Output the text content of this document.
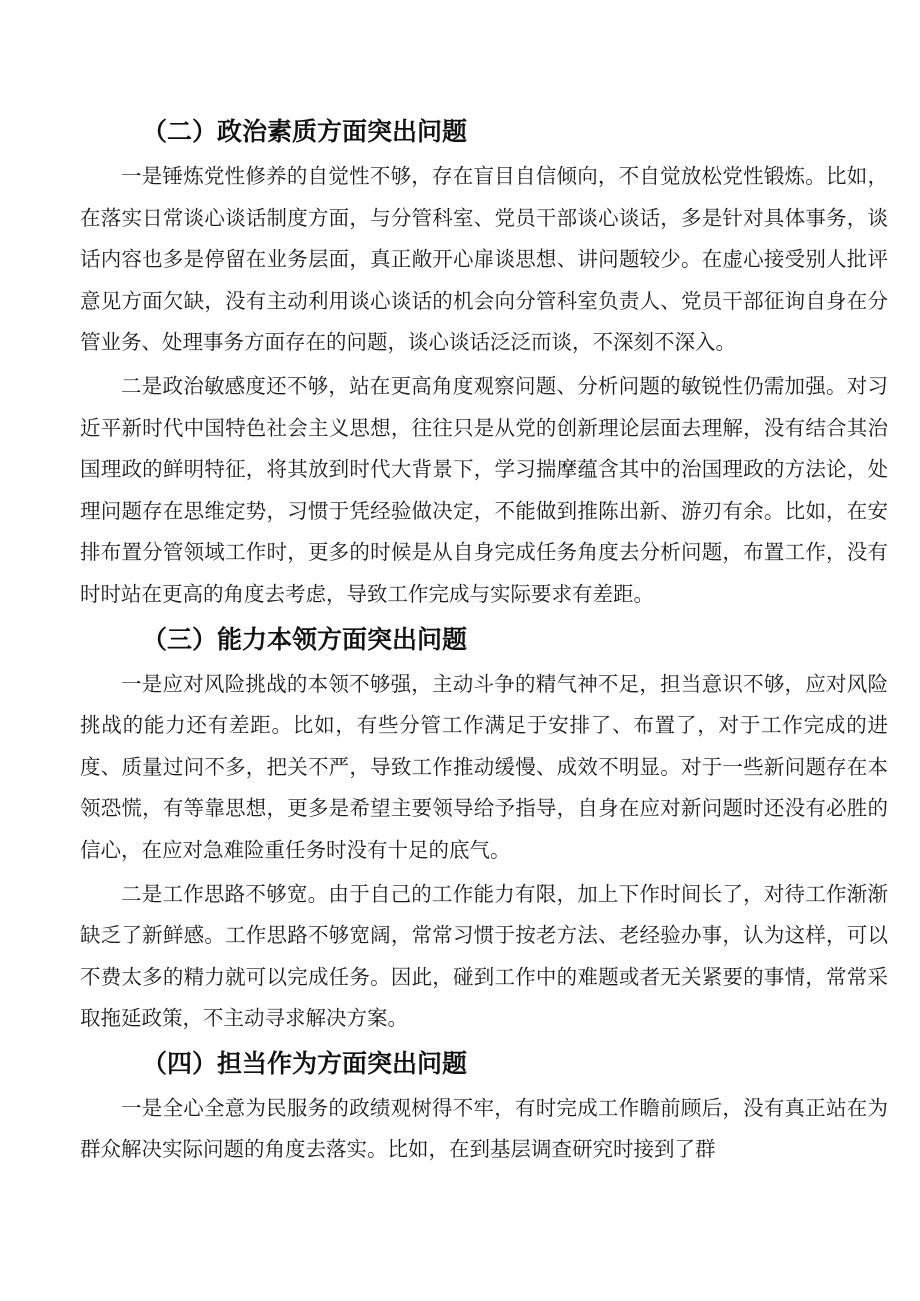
（二）政治素质方面突出问题

一是锤炼党性修养的自觉性不够，存在盲目自信倾向，不自觉放松党性锻炼。比如，在落实日常谈心谈话制度方面，与分管科室、党员干部谈心谈话，多是针对具体事务，谈话内容也多是停留在业务层面，真正敞开心扉谈思想、讲问题较少。在虚心接受别人批评意见方面欠缺，没有主动利用谈心谈话的机会向分管科室负责人、党员干部征询自身在分管业务、处理事务方面存在的问题，谈心谈话泛泛而谈，不深刻不深入。

二是政治敏感度还不够，站在更高角度观察问题、分析问题的敏锐性仍需加强。对习近平新时代中国特色社会主义思想，往往只是从党的创新理论层面去理解，没有结合其治国理政的鲜明特征，将其放到时代大背景下，学习揣摩蕴含其中的治国理政的方法论，处理问题存在思维定势，习惯于凭经验做决定，不能做到推陈出新、游刃有余。比如，在安排布置分管领域工作时，更多的时候是从自身完成任务角度去分析问题，布置工作，没有时时站在更高的角度去考虑，导致工作完成与实际要求有差距。

（三）能力本领方面突出问题

一是应对风险挑战的本领不够强，主动斗争的精气神不足，担当意识不够，应对风险挑战的能力还有差距。比如，有些分管工作满足于安排了、布置了，对于工作完成的进度、质量过问不多，把关不严，导致工作推动缓慢、成效不明显。对于一些新问题存在本领恐慌，有等靠思想，更多是希望主要领导给予指导，自身在应对新问题时还没有必胜的信心，在应对急难险重任务时没有十足的底气。

二是工作思路不够宽。由于自己的工作能力有限，加上下作时间长了，对待工作渐渐缺乏了新鲜感。工作思路不够宽阔，常常习惯于按老方法、老经验办事，认为这样，可以不费太多的精力就可以完成任务。因此，碰到工作中的难题或者无关紧要的事情，常常采取拖延政策，不主动寻求解决方案。

（四）担当作为方面突出问题

一是全心全意为民服务的政绩观树得不牢，有时完成工作瞻前顾后，没有真正站在为群众解决实际问题的角度去落实。比如，在到基层调查研究时接到了群
